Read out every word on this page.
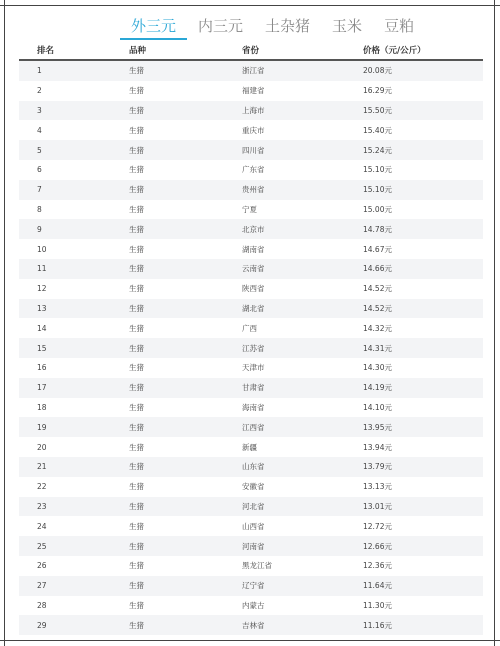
外三元	内三元	土杂猪	玉米	豆粕
排名	品种	省份	价格（元/公斤）
1	生猪	浙江省	20.08元
2	生猪	福建省	16.29元
3	生猪	上海市	15.50元
4	生猪	重庆市	15.40元
5	生猪	四川省	15.24元
6	生猪	广东省	15.10元
7	生猪	贵州省	15.10元
8	生猪	宁夏	15.00元
9	生猪	北京市	14.78元
10	生猪	湖南省	14.67元
11	生猪	云南省	14.66元
12	生猪	陕西省	14.52元
13	生猪	湖北省	14.52元
14	生猪	广西	14.32元
15	生猪	江苏省	14.31元
16	生猪	天津市	14.30元
17	生猪	甘肃省	14.19元
18	生猪	海南省	14.10元
19	生猪	江西省	13.95元
20	生猪	新疆	13.94元
21	生猪	山东省	13.79元
22	生猪	安徽省	13.13元
23	生猪	河北省	13.01元
24	生猪	山西省	12.72元
25	生猪	河南省	12.66元
26	生猪	黑龙江省	12.36元
27	生猪	辽宁省	11.64元
28	生猪	内蒙古	11.30元
29	生猪	吉林省	11.16元
